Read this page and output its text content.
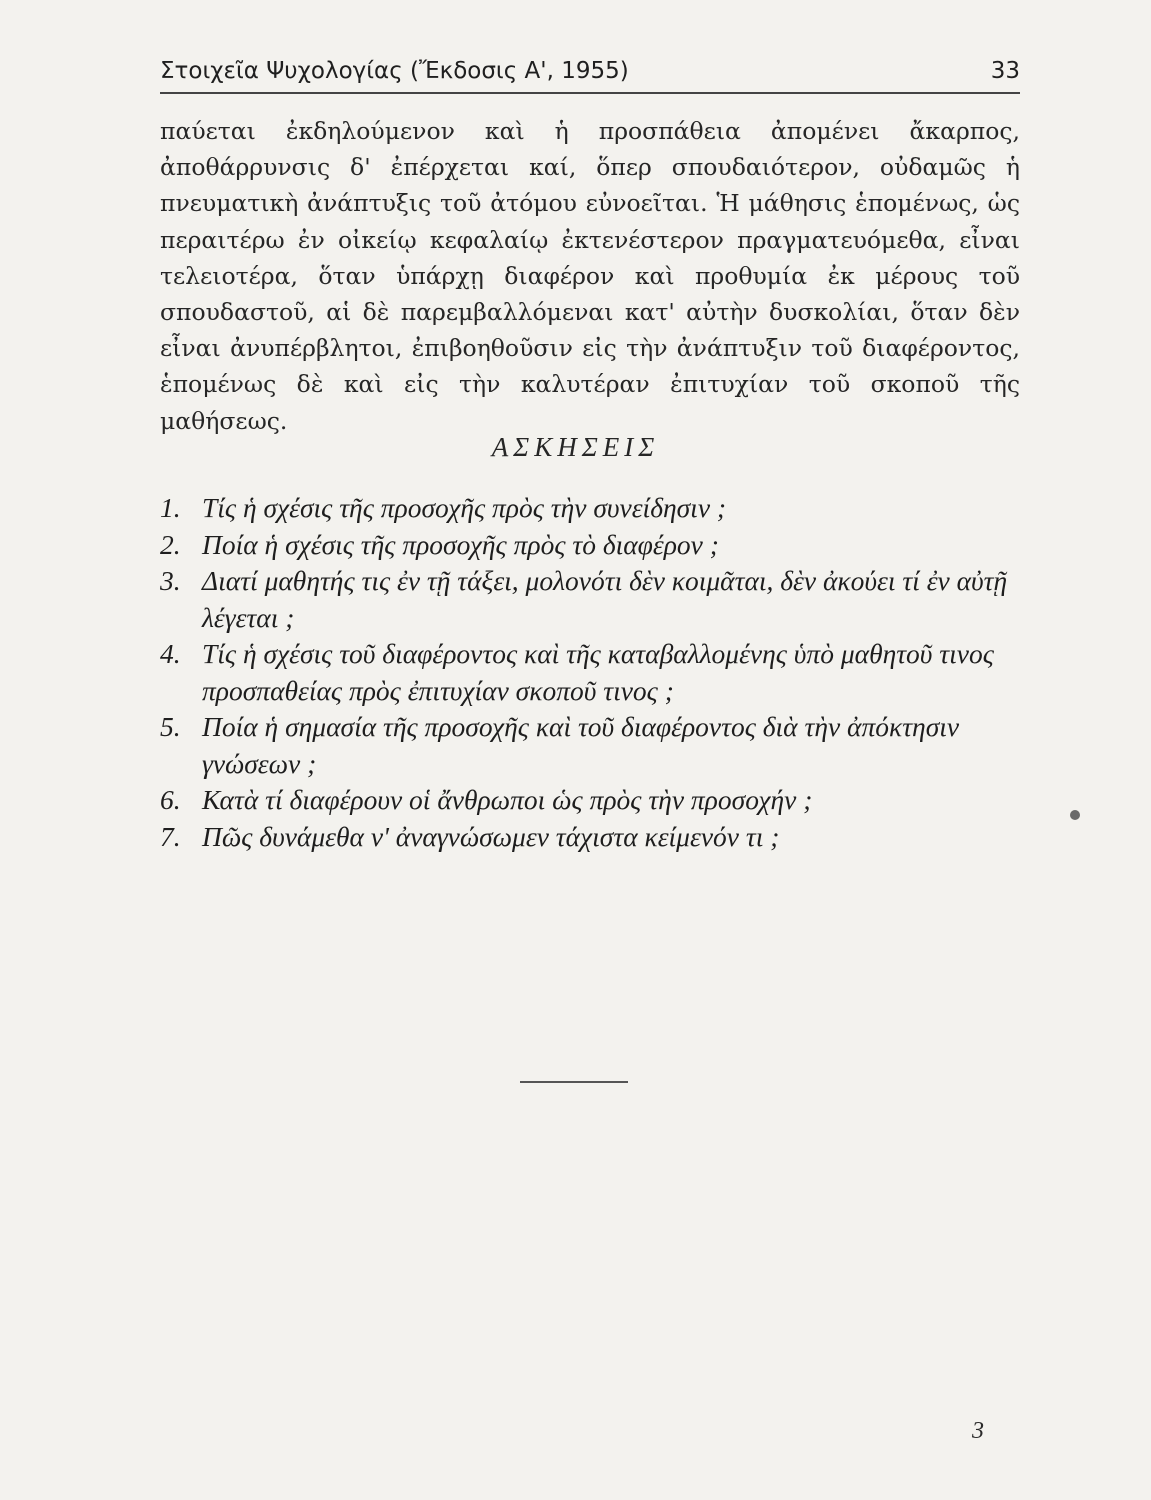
Στοιχεῖα Ψυχολογίας (Ἔκδοσις Α', 1955)	33
παύεται ἐκδηλούμενον καὶ ἡ προσπάθεια ἀπομένει ἄκαρπος, ἀποθάρρυνσις δ' ἐπέρχεται καί, ὅπερ σπουδαιότερον, οὐδαμῶς ἡ πνευματικὴ ἀνάπτυξις τοῦ ἀτόμου εὐνοεῖται. Ἡ μάθησις ἑπομένως, ὡς περαιτέρω ἐν οἰκείῳ κεφαλαίῳ ἐκτενέστερον πραγματευόμεθα, εἶναι τελειοτέρα, ὅταν ὑπάρχῃ διαφέρον καὶ προθυμία ἐκ μέρους τοῦ σπουδαστοῦ, αἱ δὲ παρεμβαλλόμεναι κατ' αὐτὴν δυσκολίαι, ὅταν δὲν εἶναι ἀνυπέρβλητοι, ἐπιβοηθοῦσιν εἰς τὴν ἀνάπτυξιν τοῦ διαφέροντος, ἑπομένως δὲ καὶ εἰς τὴν καλυτέραν ἐπιτυχίαν τοῦ σκοποῦ τῆς μαθήσεως.
ΑΣΚΗΣΕΙΣ
1. Τίς ἡ σχέσις τῆς προσοχῆς πρὸς τὴν συνείδησιν ;
2. Ποία ἡ σχέσις τῆς προσοχῆς πρὸς τὸ διαφέρον ;
3. Διατί μαθητής τις ἐν τῇ τάξει, μολονότι δὲν κοιμᾶται, δὲν ἀκούει τί ἐν αὐτῇ λέγεται ;
4. Τίς ἡ σχέσις τοῦ διαφέροντος καὶ τῆς καταβαλλομένης ὑπὸ μαθητοῦ τινος προσπαθείας πρὸς ἐπιτυχίαν σκοποῦ τινος ;
5. Ποία ἡ σημασία τῆς προσοχῆς καὶ τοῦ διαφέροντος διὰ τὴν ἀπόκτησιν γνώσεων ;
6. Κατὰ τί διαφέρουν οἱ ἄνθρωποι ὡς πρὸς τὴν προσοχήν ;
7. Πῶς δυνάμεθα ν' ἀναγνώσωμεν τάχιστα κείμενόν τι ;
3
